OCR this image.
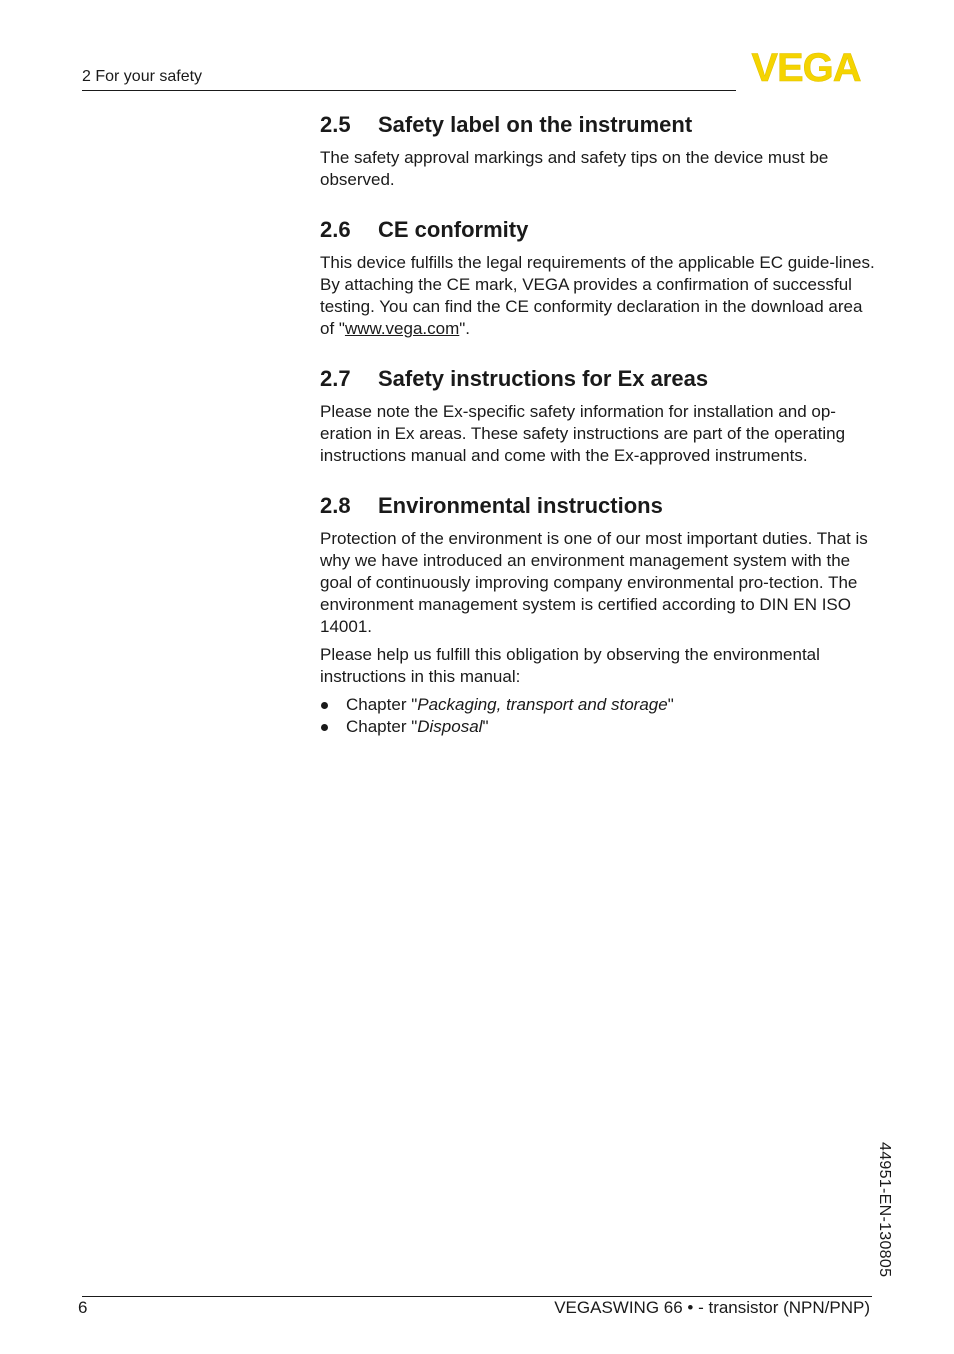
2 For your safety	VEGA
2.5 Safety label on the instrument

The safety approval markings and safety tips on the device must be observed.

2.6 CE conformity

This device fulfills the legal requirements of the applicable EC guide-lines. By attaching the CE mark, VEGA provides a confirmation of successful testing. You can find the CE conformity declaration in the download area of "www.vega.com".

2.7 Safety instructions for Ex areas

Please note the Ex-specific safety information for installation and op-eration in Ex areas. These safety instructions are part of the operating instructions manual and come with the Ex-approved instruments.

2.8 Environmental instructions

Protection of the environment is one of our most important duties. That is why we have introduced an environment management system with the goal of continuously improving company environmental pro-tection. The environment management system is certified according to DIN EN ISO 14001.

Please help us fulfill this obligation by observing the environmental instructions in this manual:

Chapter "Packaging, transport and storage"
Chapter "Disposal"
44951-EN-130805
6	VEGASWING 66 • - transistor (NPN/PNP)
